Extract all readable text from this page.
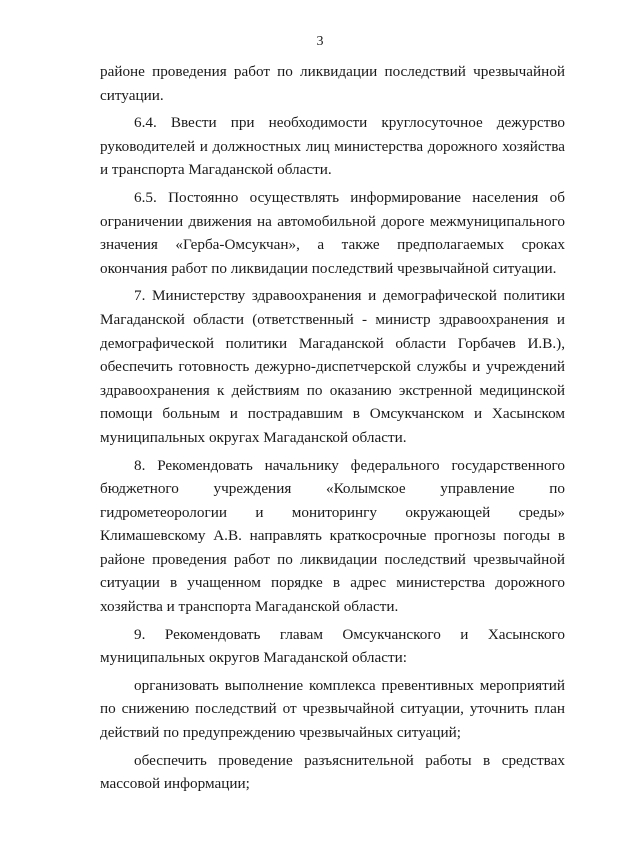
3

районе проведения работ по ликвидации последствий чрезвычайной ситуации.

6.4. Ввести при необходимости круглосуточное дежурство руководителей и должностных лиц министерства дорожного хозяйства и транспорта Магаданской области.

6.5. Постоянно осуществлять информирование населения об ограничении движения на автомобильной дороге межмуниципального значения «Герба-Омсукчан», а также предполагаемых сроках окончания работ по ликвидации последствий чрезвычайной ситуации.

7. Министерству здравоохранения и демографической политики Магаданской области (ответственный - министр здравоохранения и демографической политики Магаданской области Горбачев И.В.), обеспечить готовность дежурно-диспетчерской службы и учреждений здравоохранения к действиям по оказанию экстренной медицинской помощи больным и пострадавшим в Омсукчанском и Хасынском муниципальных округах Магаданской области.

8. Рекомендовать начальнику федерального государственного бюджетного учреждения «Колымское управление по гидрометеорологии и мониторингу окружающей среды» Климашевскому А.В. направлять краткосрочные прогнозы погоды в районе проведения работ по ликвидации последствий чрезвычайной ситуации в учащенном порядке в адрес министерства дорожного хозяйства и транспорта Магаданской области.

9. Рекомендовать главам Омсукчанского и Хасынского муниципальных округов Магаданской области:

организовать выполнение комплекса превентивных мероприятий по снижению последствий от чрезвычайной ситуации, уточнить план действий по предупреждению чрезвычайных ситуаций;

обеспечить проведение разъяснительной работы в средствах массовой информации;
